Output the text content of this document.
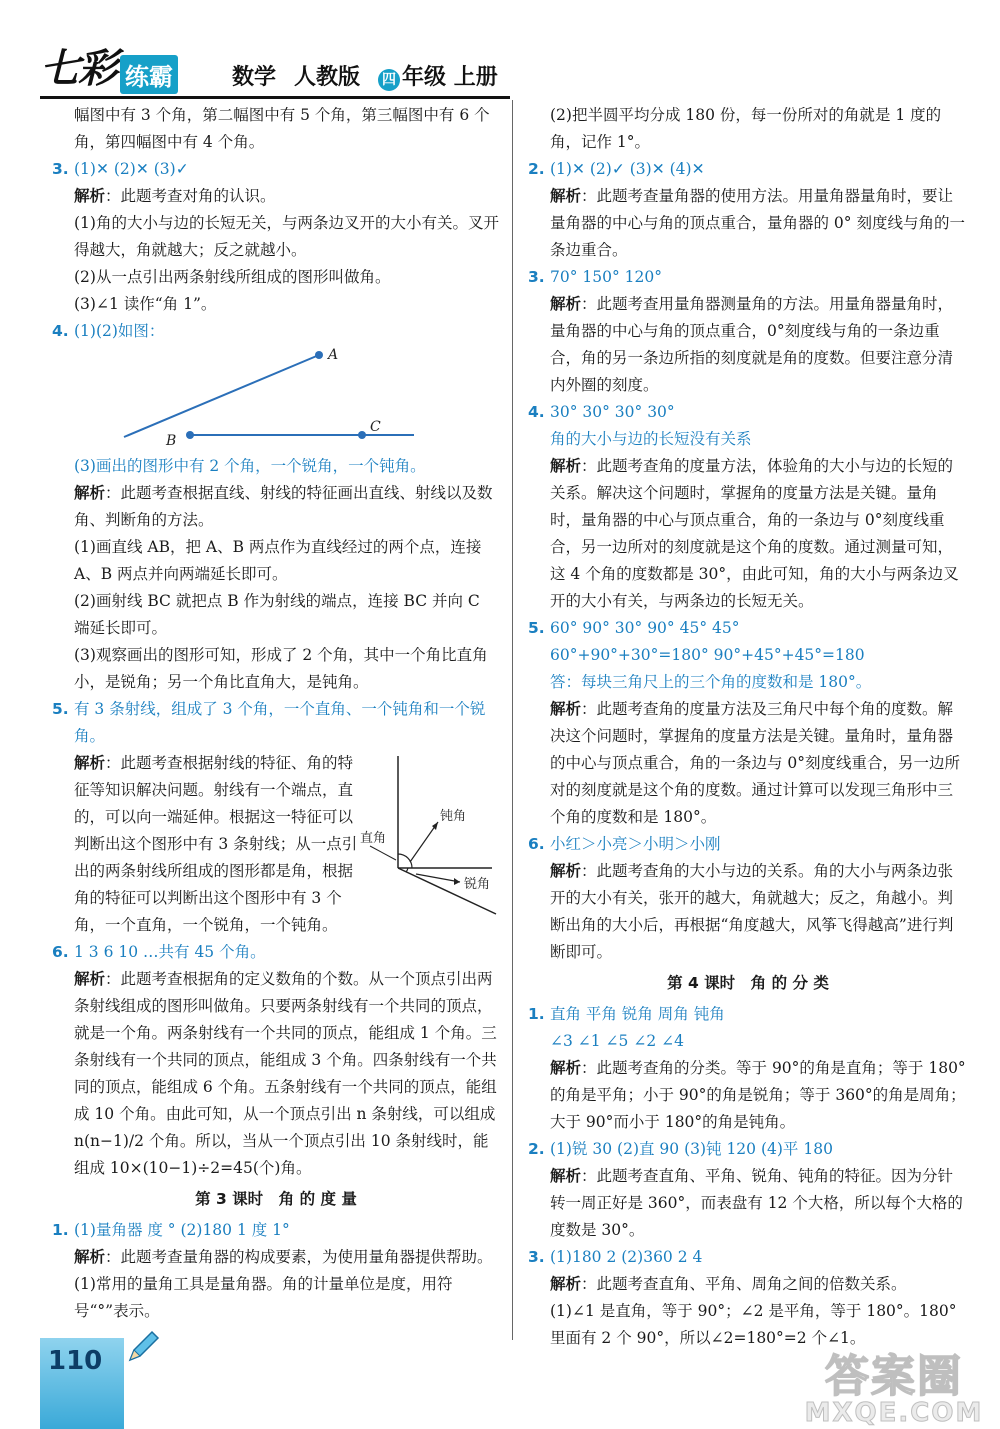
七彩 练霸	数学 人教版 四 年级 上册

幅图中有 3 个角，第二幅图中有 5 个角，第三幅图中有 6 个角，第四幅图中有 4 个角。

3. (1)✕ (2)✕ (3)✓

解析：此题考查对角的认识。

(1)角的大小与边的长短无关，与两条边叉开的大小有关。叉开得越大，角就越大；反之就越小。

(2)从一点引出两条射线所组成的图形叫做角。

(3)∠1 读作“角 1”。

4. (1)(2)如图：
A
B
C

(3)画出的图形中有 2 个角，一个锐角，一个钝角。

解析：此题考查根据直线、射线的特征画出直线、射线以及数角、判断角的方法。

(1)画直线 AB，把 A、B 两点作为直线经过的两个点，连接 A、B 两点并向两端延长即可。

(2)画射线 BC 就把点 B 作为射线的端点，连接 BC 并向 C 端延长即可。

(3)观察画出的图形可知，形成了 2 个角，其中一个角比直角小，是锐角；另一个角比直角大，是钝角。

5. 有 3 条射线，组成了 3 个角，一个直角、一个钝角和一个锐角。

解析：此题考查根据射线的特征、角的特征等知识解决问题。射线有一个端点，直的，可以向一端延伸。根据这一特征可以判断出这个图形中有 3 条射线；从一点引出的两条射线所组成的图形都是角，根据角的特征可以判断出这个图形中有 3 个角，一个直角，一个锐角，一个钝角。

钝角
直角
锐角
6. 1 3 6 10 …共有 45 个角。

解析：此题考查根据角的定义数角的个数。从一个顶点引出两条射线组成的图形叫做角。只要两条射线有一个共同的顶点，就是一个角。两条射线有一个共同的顶点，能组成 1 个角。三条射线有一个共同的顶点，能组成 3 个角。四条射线有一个共同的顶点，能组成 6 个角。五条射线有一个共同的顶点，能组成 10 个角。由此可知，从一个顶点引出 n 条射线，可以组成 n(n−1)/2 个角。所以，当从一个顶点引出 10 条射线时，能组成 10×(10−1)÷2=45(个)角。

第 3 课时　角 的 度 量

1. (1)量角器 度 ° (2)180 1 度 1°

解析：此题考查量角器的构成要素，为使用量角器提供帮助。

(1)常用的量角工具是量角器。角的计量单位是度，用符号“°”表示。

(2)把半圆平均分成 180 份，每一份所对的角就是 1 度的角，记作 1°。

2. (1)✕ (2)✓ (3)✕ (4)✕

解析：此题考查量角器的使用方法。用量角器量角时，要让量角器的中心与角的顶点重合，量角器的 0° 刻度线与角的一条边重合。

3. 70° 150° 120°

解析：此题考查用量角器测量角的方法。用量角器量角时，量角器的中心与角的顶点重合，0°刻度线与角的一条边重合，角的另一条边所指的刻度就是角的度数。但要注意分清内外圈的刻度。

4. 30° 30° 30° 30°

角的大小与边的长短没有关系

解析：此题考查角的度量方法，体验角的大小与边的长短的关系。解决这个问题时，掌握角的度量方法是关键。量角时，量角器的中心与顶点重合，角的一条边与 0°刻度线重合，另一边所对的刻度就是这个角的度数。通过测量可知，这 4 个角的度数都是 30°，由此可知，角的大小与两条边叉开的大小有关，与两条边的长短无关。

5. 60° 90° 30° 90° 45° 45°

60°+90°+30°=180° 90°+45°+45°=180

答：每块三角尺上的三个角的度数和是 180°。

解析：此题考查角的度量方法及三角尺中每个角的度数。解决这个问题时，掌握角的度量方法是关键。量角时，量角器的中心与顶点重合，角的一条边与 0°刻度线重合，另一边所对的刻度就是这个角的度数。通过计算可以发现三角形中三个角的度数和是 180°。

6. 小红＞小亮＞小明＞小刚

解析：此题考查角的大小与边的关系。角的大小与两条边张开的大小有关，张开的越大，角就越大；反之，角越小。判断出角的大小后，再根据“角度越大，风筝飞得越高”进行判断即可。

第 4 课时　角 的 分 类

1. 直角 平角 锐角 周角 钝角

∠3 ∠1 ∠5 ∠2 ∠4

解析：此题考查角的分类。等于 90°的角是直角；等于 180°的角是平角；小于 90°的角是锐角；等于 360°的角是周角；大于 90°而小于 180°的角是钝角。

2. (1)锐 30 (2)直 90 (3)钝 120 (4)平 180

解析：此题考查直角、平角、锐角、钝角的特征。因为分针转一周正好是 360°，而表盘有 12 个大格，所以每个大格的度数是 30°。

3. (1)180 2 (2)360 2 4

解析：此题考查直角、平角、周角之间的倍数关系。

(1)∠1 是直角，等于 90°；∠2 是平角，等于 180°。180°里面有 2 个 90°，所以∠2=180°=2 个∠1。

110	答案圈
MXQE.COM
